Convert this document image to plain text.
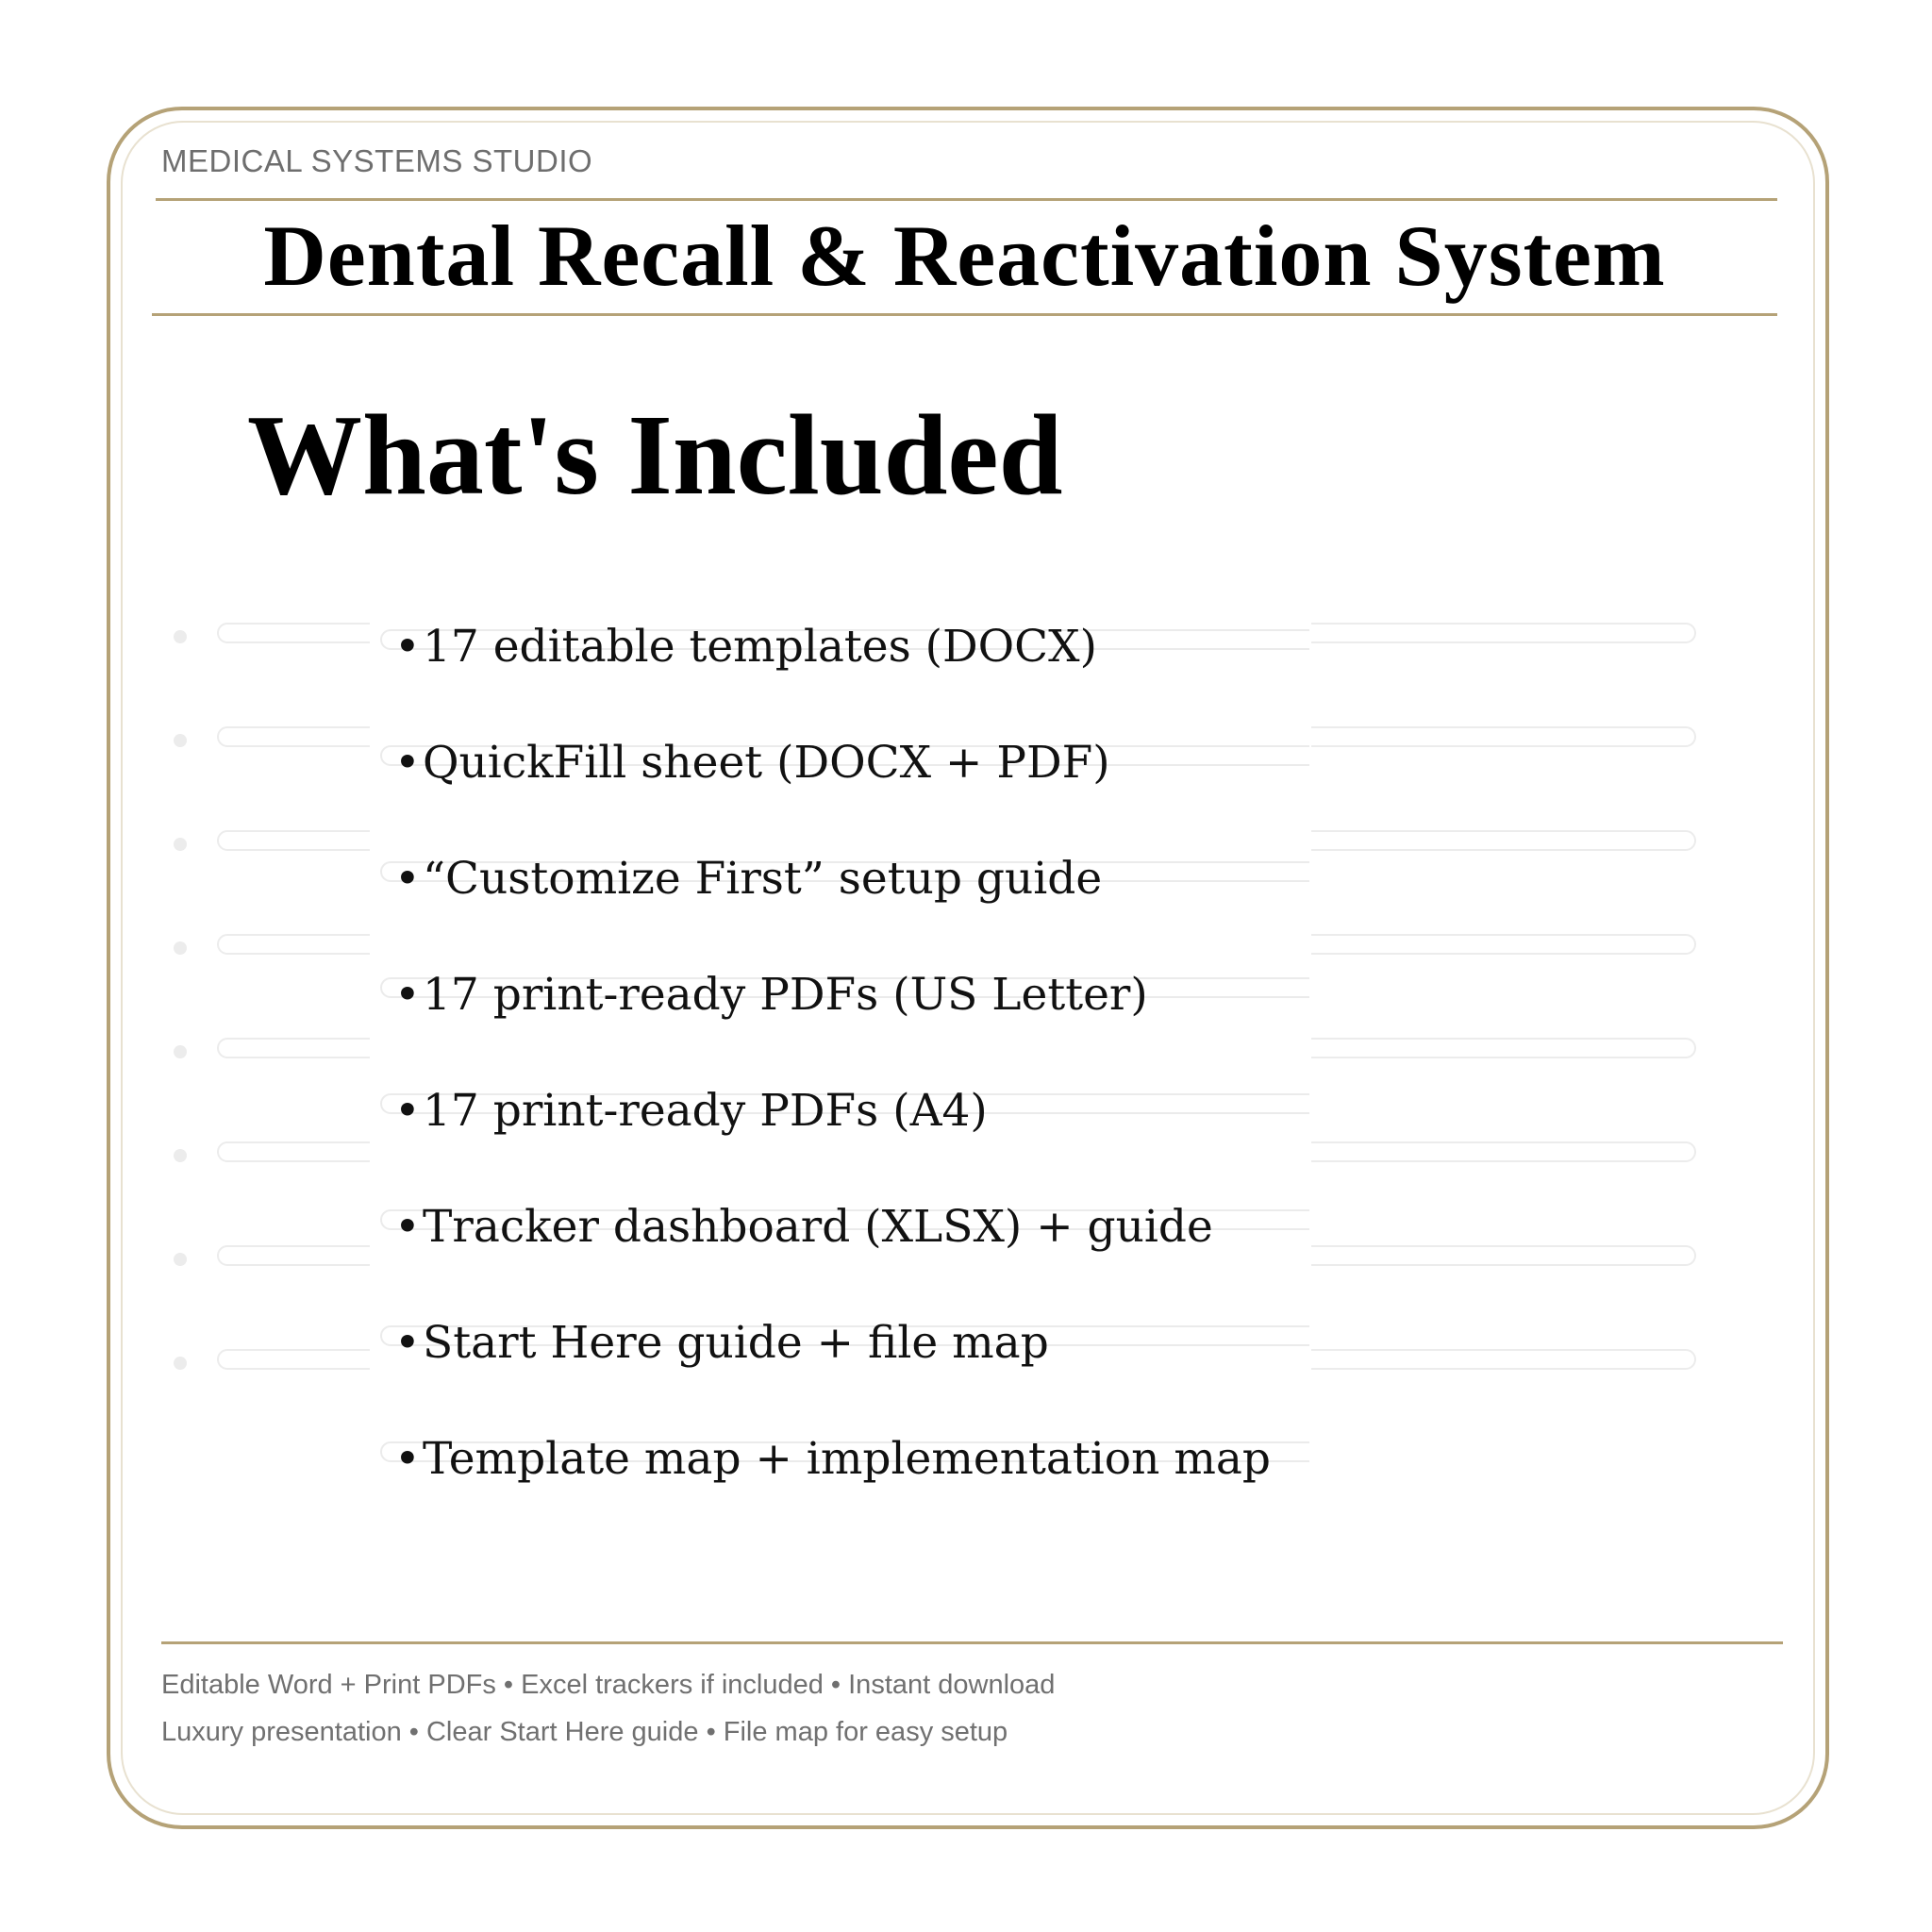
MEDICAL SYSTEMS STUDIO
Dental Recall & Reactivation System
What's Included
•17 editable templates (DOCX)
•QuickFill sheet (DOCX + PDF)
•“Customize First” setup guide
•17 print-ready PDFs (US Letter)
•17 print-ready PDFs (A4)
•Tracker dashboard (XLSX) + guide
•Start Here guide + file map
•Template map + implementation map
Editable Word + Print PDFs • Excel trackers if included • Instant download
Luxury presentation • Clear Start Here guide • File map for easy setup
